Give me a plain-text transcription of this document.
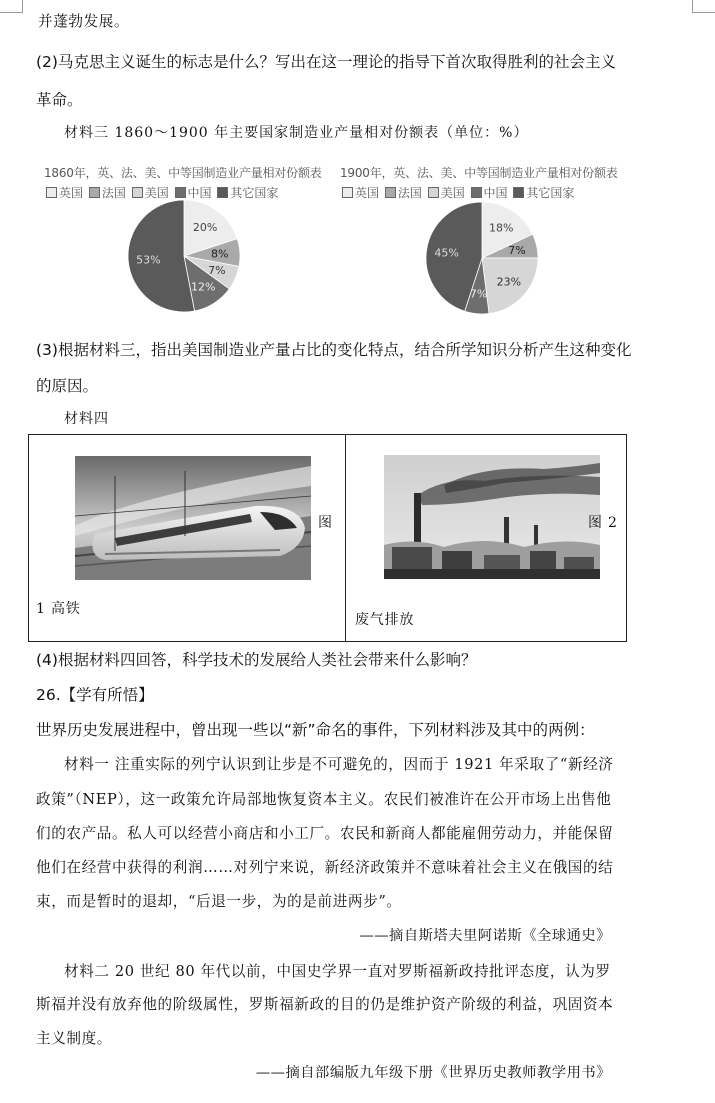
并蓬勃发展。
(2)马克思主义诞生的标志是什么？写出在这一理论的指导下首次取得胜利的社会主义
革命。
材料三 1860～1900 年主要国家制造业产量相对份额表（单位：%）
1860年，英、法、美、中等国制造业产量相对份额表
英国 法国 美国 中国 其它国家
20%
8%
7%
12%
53%
1900年，英、法、美、中等国制造业产量相对份额表
英国 法国 美国 中国 其它国家
18%
7%
23%
7%
45%
(3)根据材料三，指出美国制造业产量占比的变化特点，结合所学知识分析产生这种变化
的原因。
材料四
图
1 高铁
图 2
废气排放
(4)根据材料四回答，科学技术的发展给人类社会带来什么影响？
26.【学有所悟】
世界历史发展进程中，曾出现一些以“新”命名的事件，下列材料涉及其中的两例：
材料一 注重实际的列宁认识到让步是不可避免的，因而于 1921 年采取了“新经济
政策”（NEP），这一政策允许局部地恢复资本主义。农民们被准许在公开市场上出售他
们的农产品。私人可以经营小商店和小工厂。农民和新商人都能雇佣劳动力，并能保留
他们在经营中获得的利润……对列宁来说，新经济政策并不意味着社会主义在俄国的结
束，而是暂时的退却，“后退一步，为的是前进两步”。
——摘自斯塔夫里阿诺斯《全球通史》
材料二 20 世纪 80 年代以前，中国史学界一直对罗斯福新政持批评态度，认为罗
斯福并没有放弃他的阶级属性，罗斯福新政的目的仍是维护资产阶级的利益，巩固资本
主义制度。
——摘自部编版九年级下册《世界历史教师教学用书》
